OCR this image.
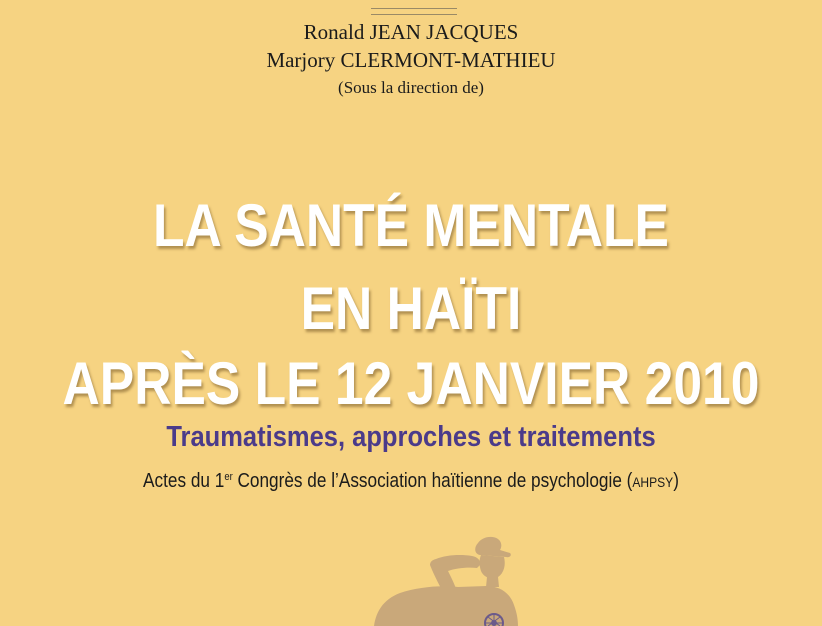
Ronald JEAN JACQUES
Marjory CLERMONT-MATHIEU
(Sous la direction de)
LA SANTÉ MENTALE
EN HAÏTI
APRÈS LE 12 JANVIER 2010
Traumatismes, approches et traitements
Actes du 1er Congrès de l’Association haïtienne de psychologie (AHPSY)
